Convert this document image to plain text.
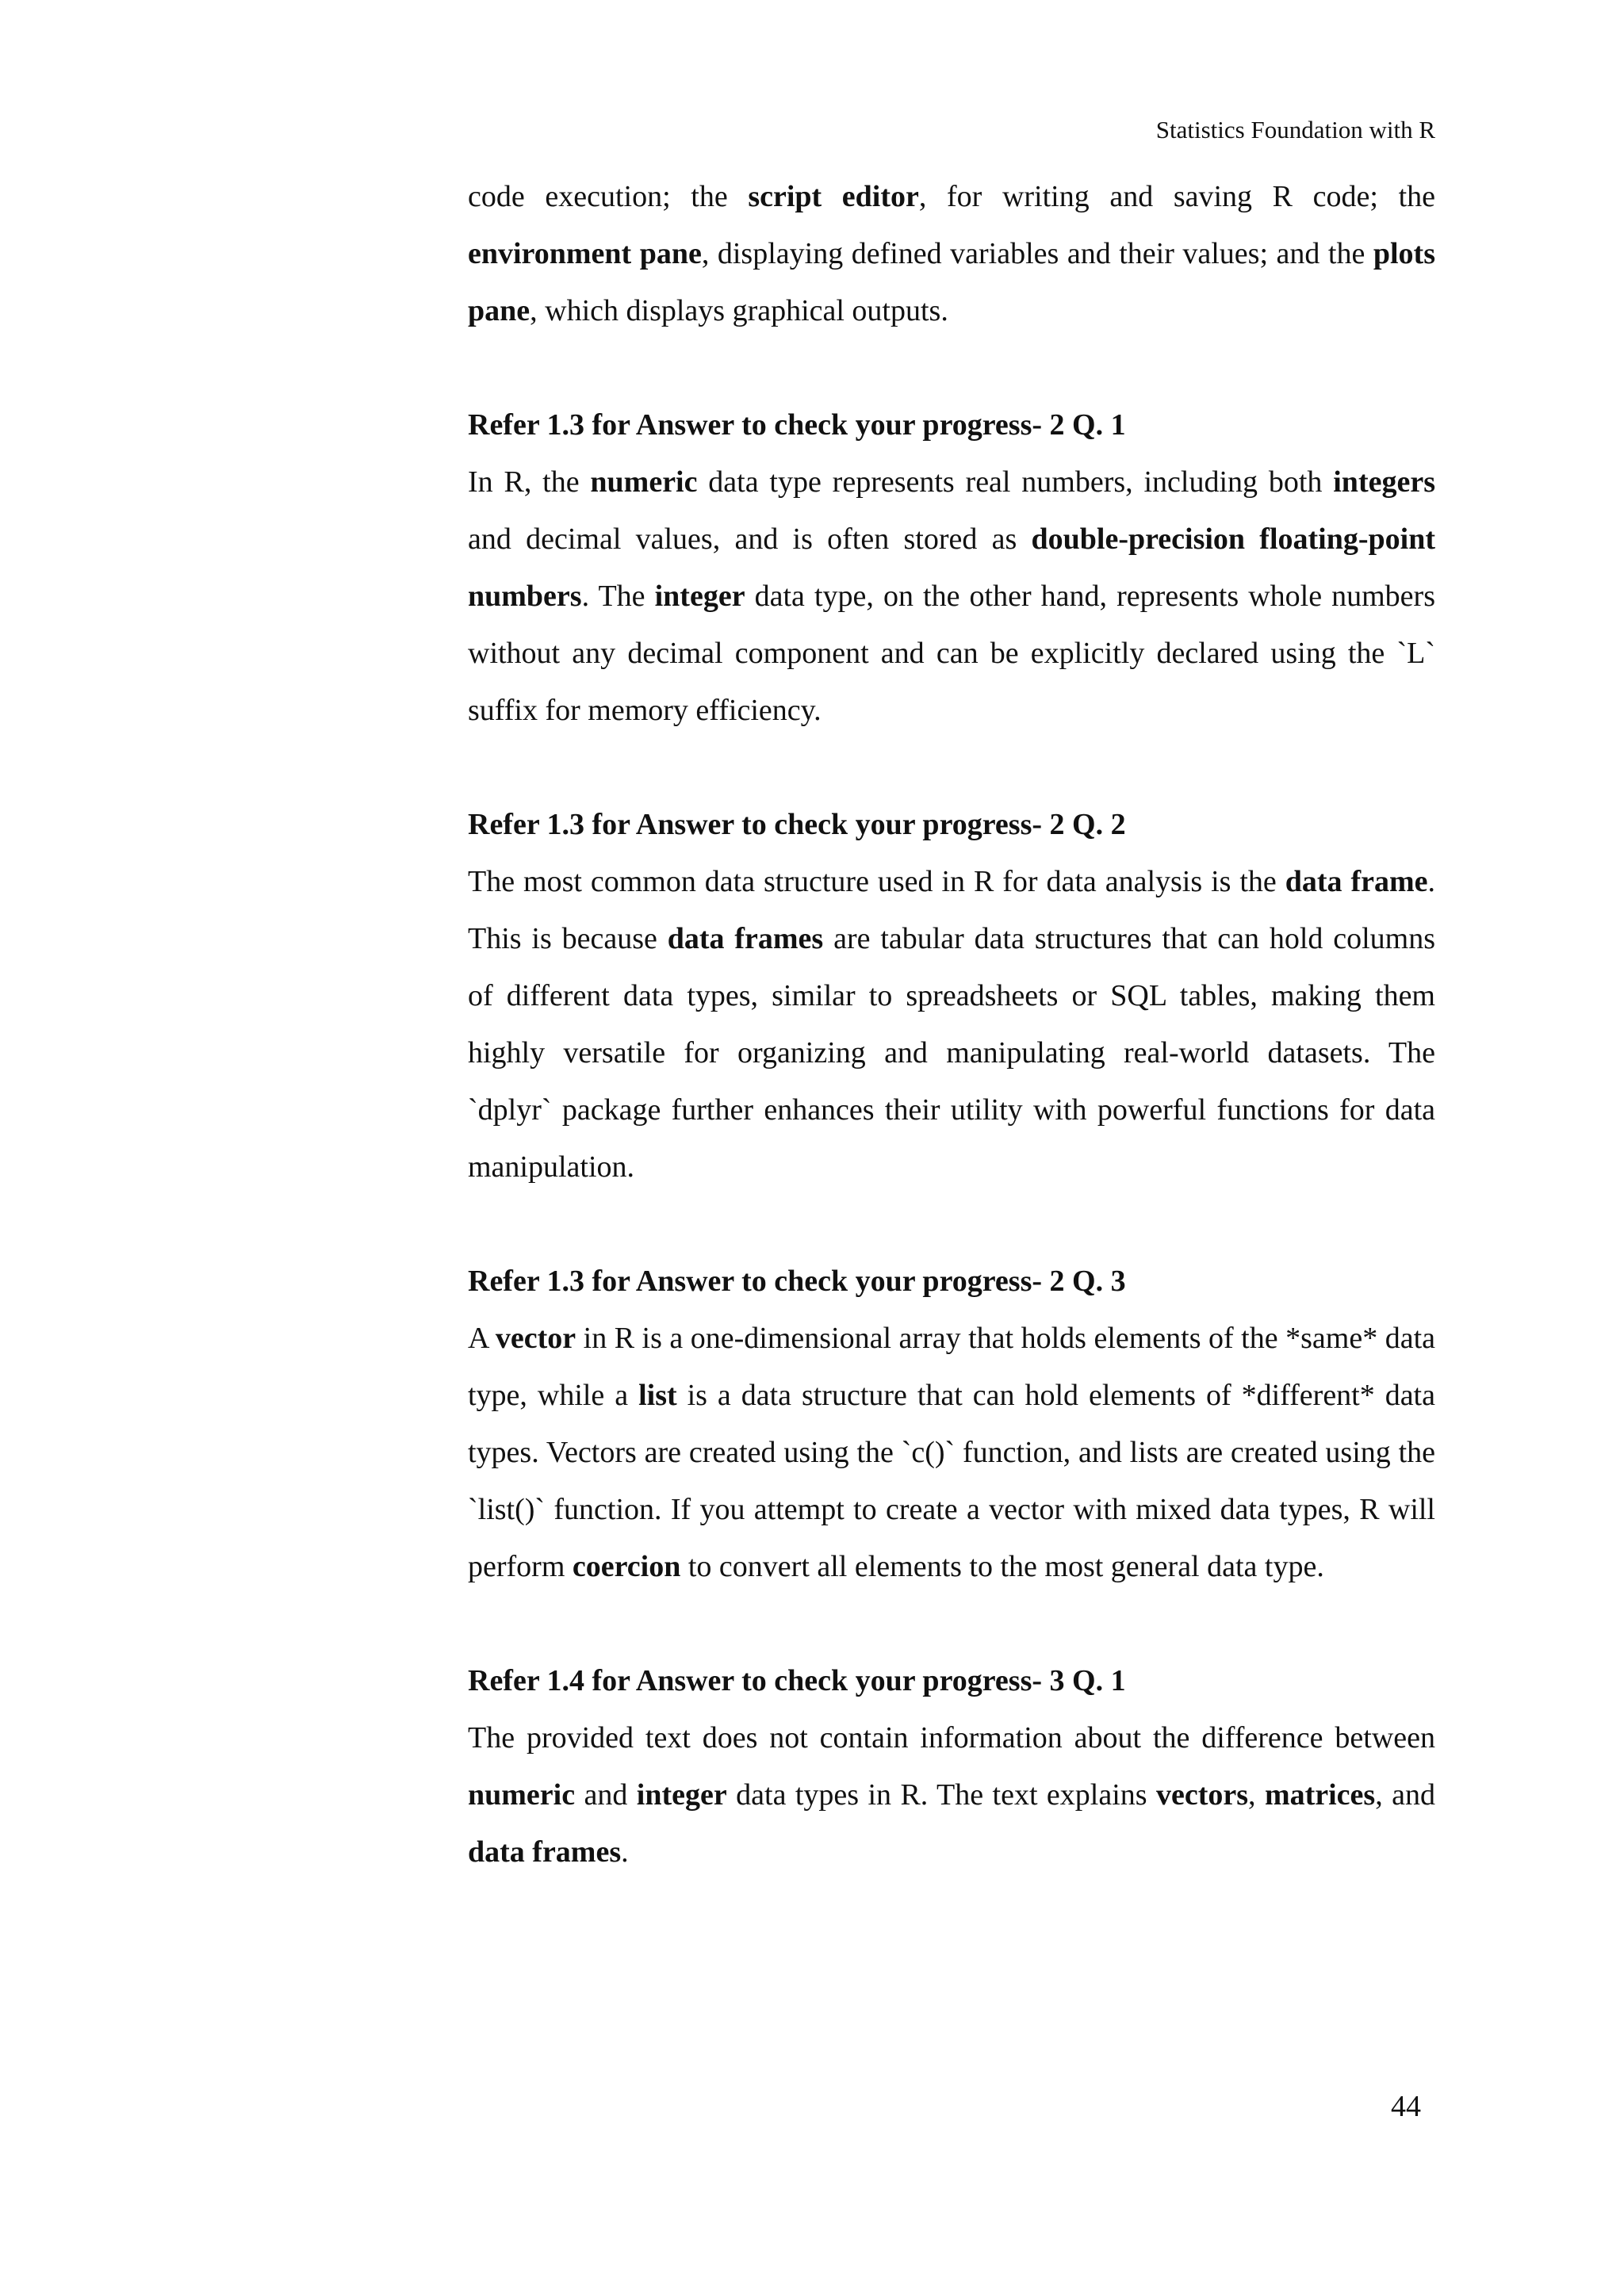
Statistics Foundation with R

code execution; the script editor, for writing and saving R code; the environment pane, displaying defined variables and their values; and the plots pane, which displays graphical outputs.

Refer 1.3 for Answer to check your progress- 2 Q. 1

In R, the numeric data type represents real numbers, including both integers and decimal values, and is often stored as double-precision floating-point numbers. The integer data type, on the other hand, represents whole numbers without any decimal component and can be explicitly declared using the `L` suffix for memory efficiency.

Refer 1.3 for Answer to check your progress- 2 Q. 2

The most common data structure used in R for data analysis is the data frame. This is because data frames are tabular data structures that can hold columns of different data types, similar to spreadsheets or SQL tables, making them highly versatile for organizing and manipulating real-world datasets. The `dplyr` package further enhances their utility with powerful functions for data manipulation.

Refer 1.3 for Answer to check your progress- 2 Q. 3

A vector in R is a one-dimensional array that holds elements of the *same* data type, while a list is a data structure that can hold elements of *different* data types. Vectors are created using the `c()` function, and lists are created using the `list()` function. If you attempt to create a vector with mixed data types, R will perform coercion to convert all elements to the most general data type.

Refer 1.4 for Answer to check your progress- 3 Q. 1

The provided text does not contain information about the difference between numeric and integer data types in R. The text explains vectors, matrices, and data frames.

44
